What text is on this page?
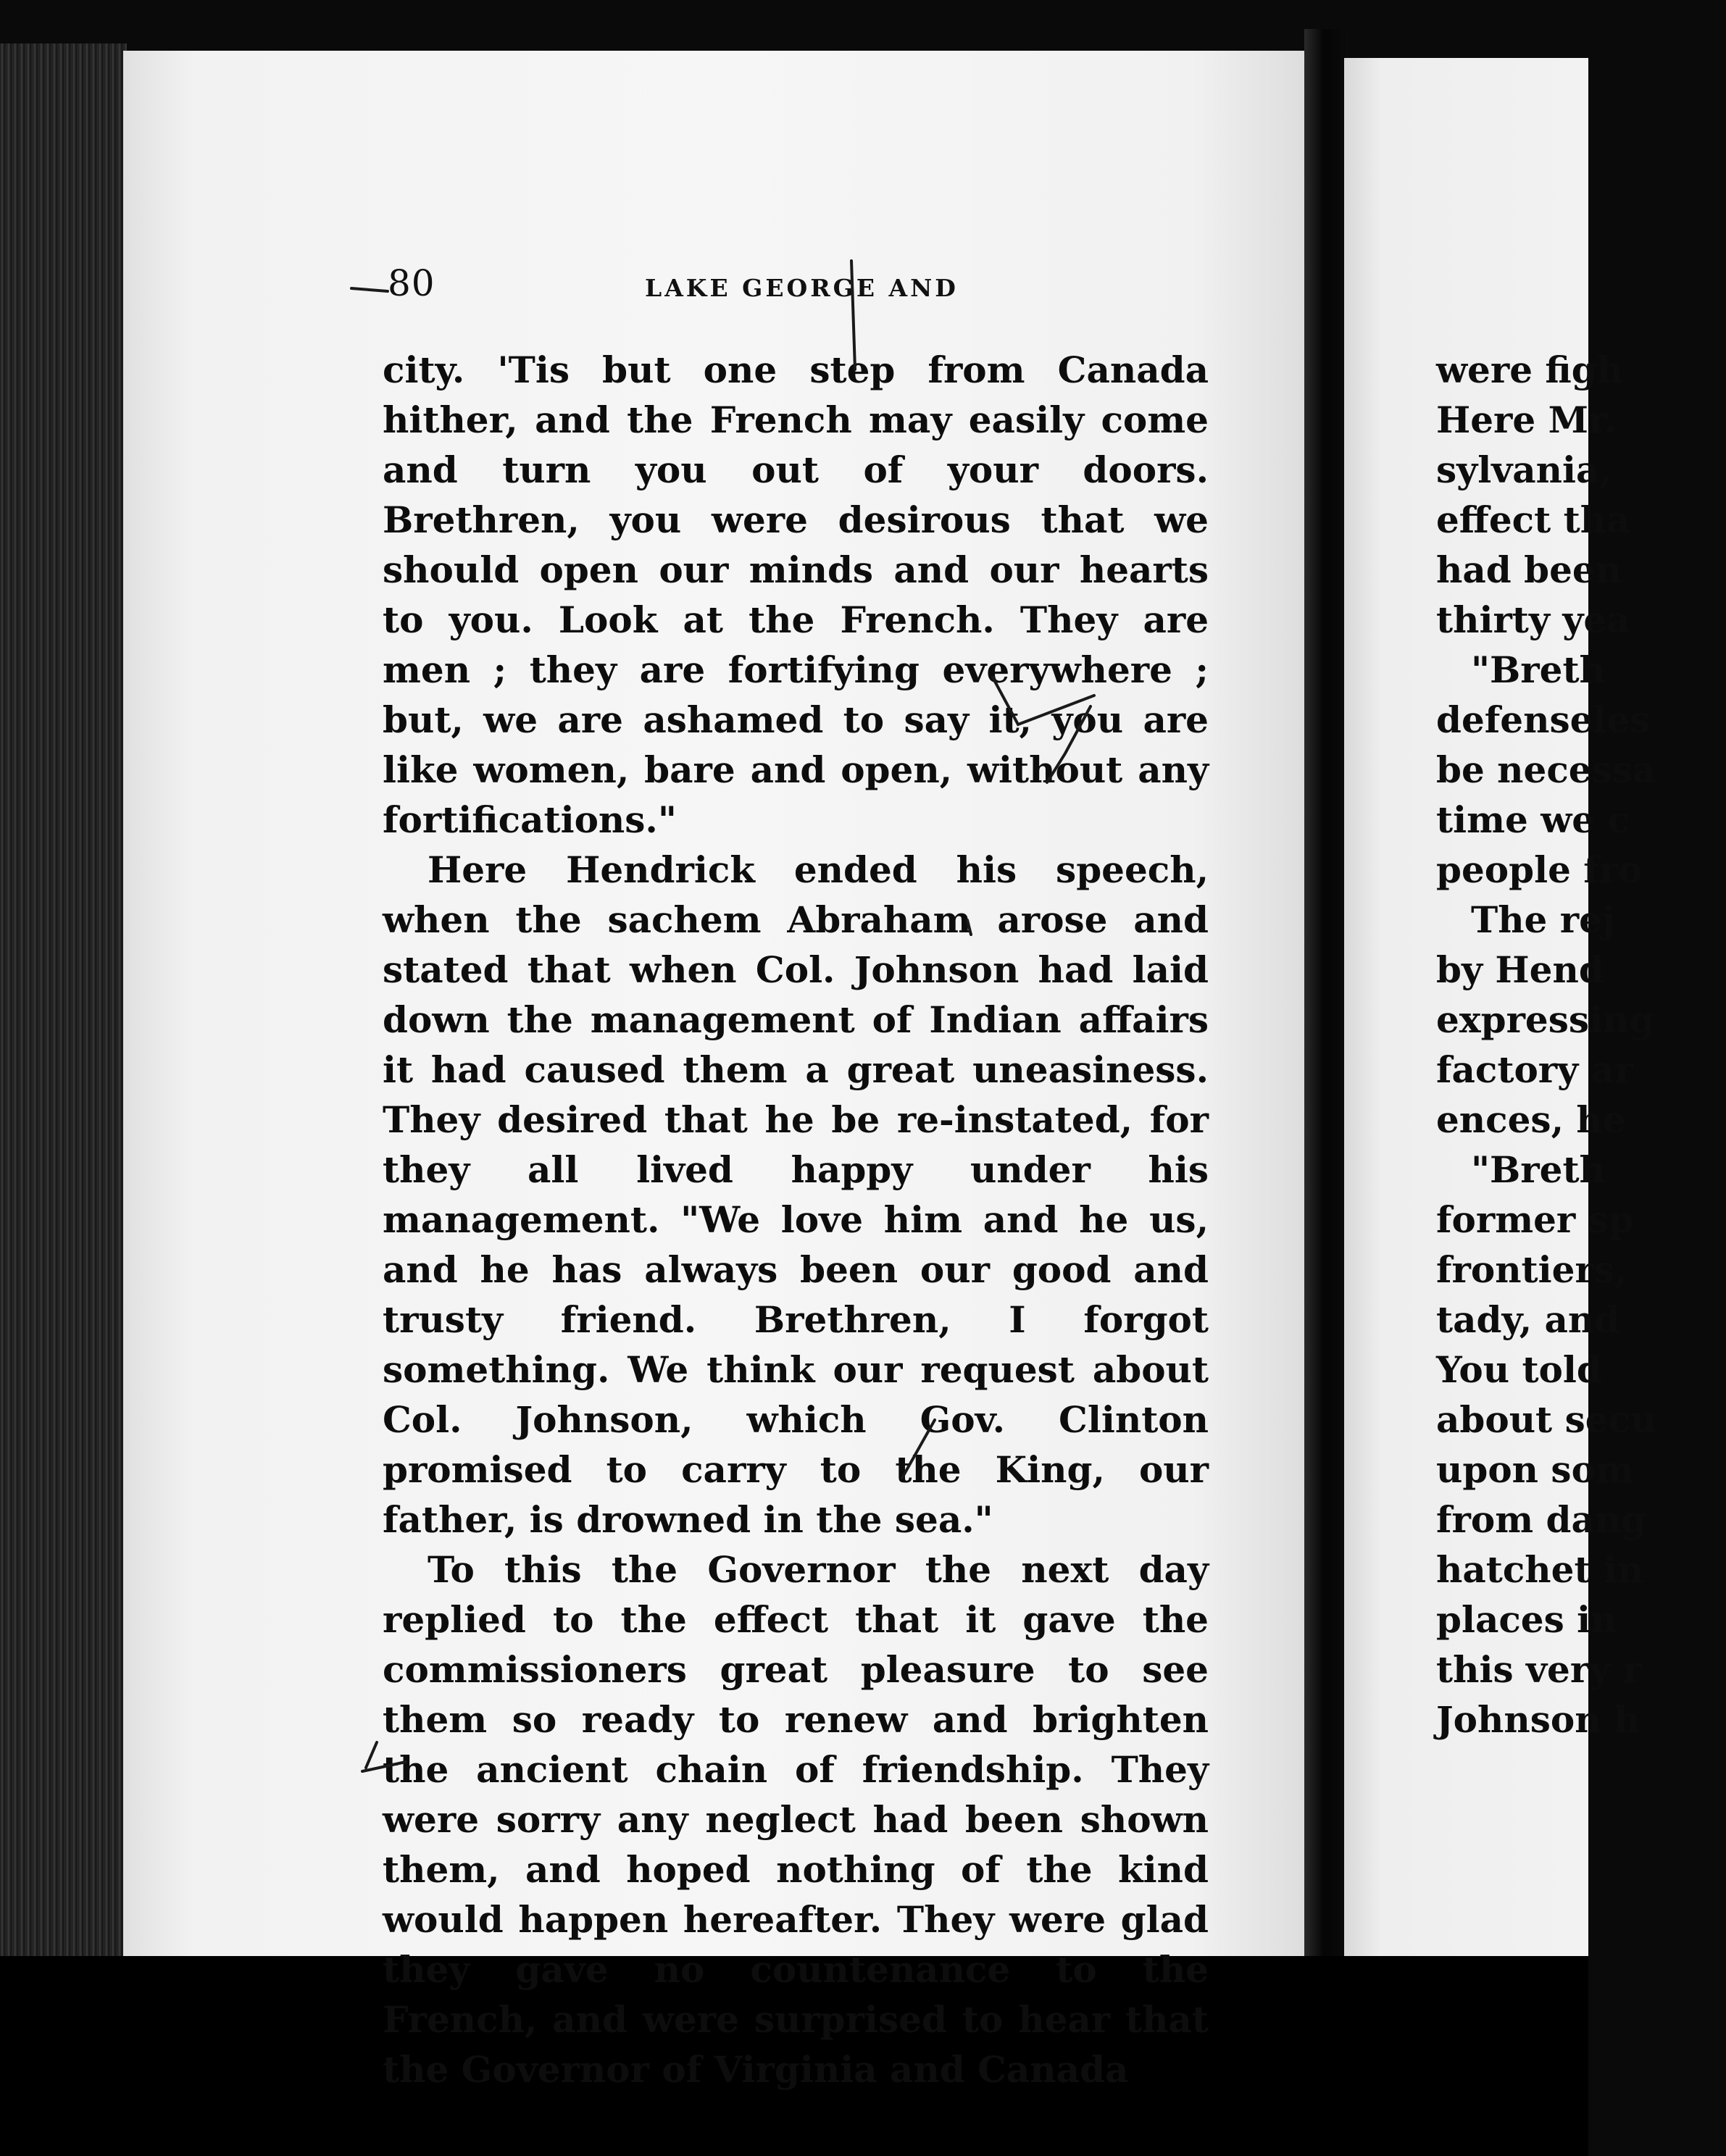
80	LAKE GEORGE AND

city. 'Tis but one step from Canada hither, and the French may easily come and turn you out of your doors. Brethren, you were desirous that we should open our minds and our hearts to you. Look at the French. They are men ; they are fortifying everywhere ; but, we are ashamed to say it, you are like women, bare and open, without any fortifications."

Here Hendrick ended his speech, when the sachem Abraham arose and stated that when Col. Johnson had laid down the management of Indian affairs it had caused them a great uneasiness. They desired that he be re-instated, for they all lived happy under his management. "We love him and he us, and he has always been our good and trusty friend. Brethren, I forgot something. We think our request about Col. Johnson, which Gov. Clinton promised to carry to the King, our father, is drowned in the sea."

To this the Governor the next day replied to the effect that it gave the commissioners great pleasure to see them so ready to renew and brighten the ancient chain of friendship. They were sorry any neglect had been shown them, and hoped nothing of the kind would happen hereafter. They were glad they gave no countenance to the French, and were surprised to hear that the Governor of Virginia and Canada

were figh
Here Mr.
sylvania,
effect tha
had been
thirty yea
"Breth
defenseles
be necessa
time we c
people fro
The rej
by Hend
expressing
factory ar
ences, he
"Breth
former sp
frontiers,
tady, and
You told
about secu
upon som
from dang
hatchet in
places in
this very r
Johnson h
